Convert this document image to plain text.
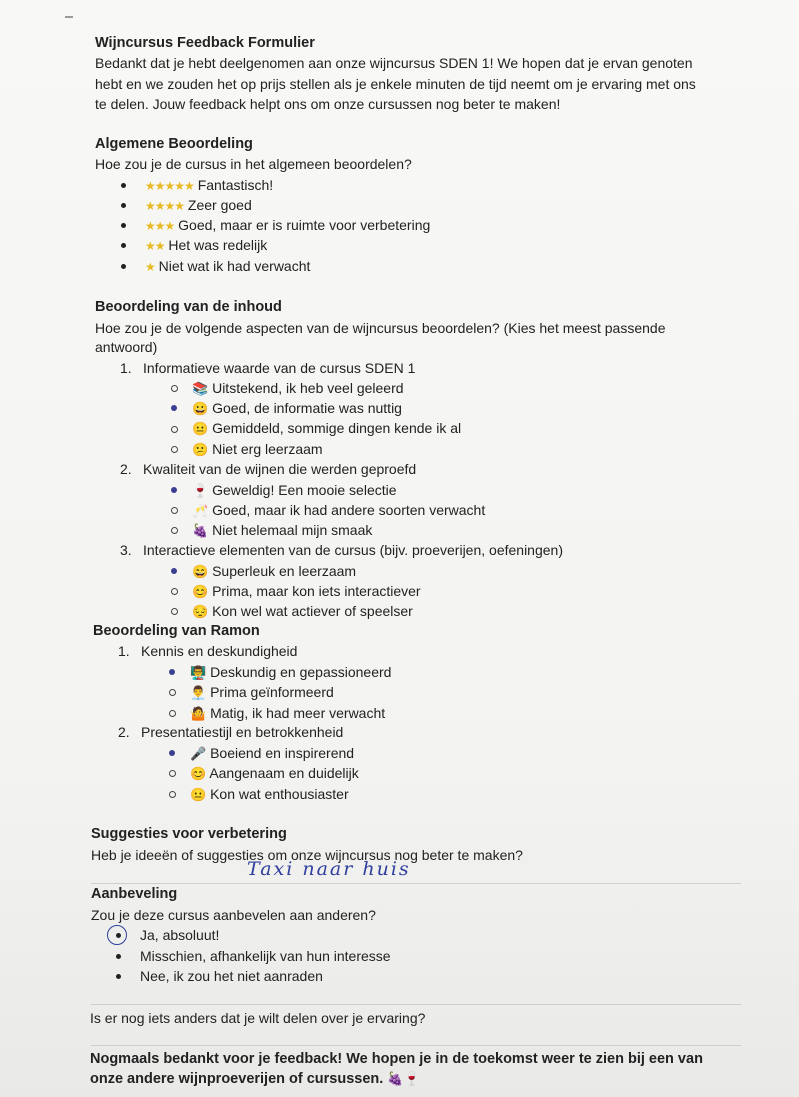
Wijncursus Feedback Formulier
Bedankt dat je hebt deelgenomen aan onze wijncursus SDEN 1! We hopen dat je ervan genoten
hebt en we zouden het op prijs stellen als je enkele minuten de tijd neemt om je ervaring met ons
te delen. Jouw feedback helpt ons om onze cursussen nog beter te maken!
Algemene Beoordeling
Hoe zou je de cursus in het algemeen beoordelen?
★★★★★ Fantastisch!
★★★★ Zeer goed
★★★ Goed, maar er is ruimte voor verbetering
★★ Het was redelijk
★ Niet wat ik had verwacht
Beoordeling van de inhoud
Hoe zou je de volgende aspecten van de wijncursus beoordelen? (Kies het meest passende
antwoord)
1. Informatieve waarde van de cursus SDEN 1
📚 Uitstekend, ik heb veel geleerd
😀 Goed, de informatie was nuttig
😐 Gemiddeld, sommige dingen kende ik al
😕 Niet erg leerzaam
2. Kwaliteit van de wijnen die werden geproefd
🍷 Geweldig! Een mooie selectie
🥂 Goed, maar ik had andere soorten verwacht
🍇 Niet helemaal mijn smaak
3. Interactieve elementen van de cursus (bijv. proeverijen, oefeningen)
😄 Superleuk en leerzaam
😊 Prima, maar kon iets interactiever
😔 Kon wel wat actiever of speelser
Beoordeling van Ramon
1. Kennis en deskundigheid
👨‍🏫 Deskundig en gepassioneerd
👨‍💼 Prima geïnformeerd
🤷 Matig, ik had meer verwacht
2. Presentatiestijl en betrokkenheid
🎤 Boeiend en inspirerend
😊 Aangenaam en duidelijk
😐 Kon wat enthousiaster
Suggesties voor verbetering
Heb je ideeën of suggesties om onze wijncursus nog beter te maken?
Taxi naar huis
Aanbeveling
Zou je deze cursus aanbevelen aan anderen?
Ja, absoluut!
Misschien, afhankelijk van hun interesse
Nee, ik zou het niet aanraden
Is er nog iets anders dat je wilt delen over je ervaring?
Nogmaals bedankt voor je feedback! We hopen je in de toekomst weer te zien bij een van
onze andere wijnproeverijen of cursussen. 🍇🍷
